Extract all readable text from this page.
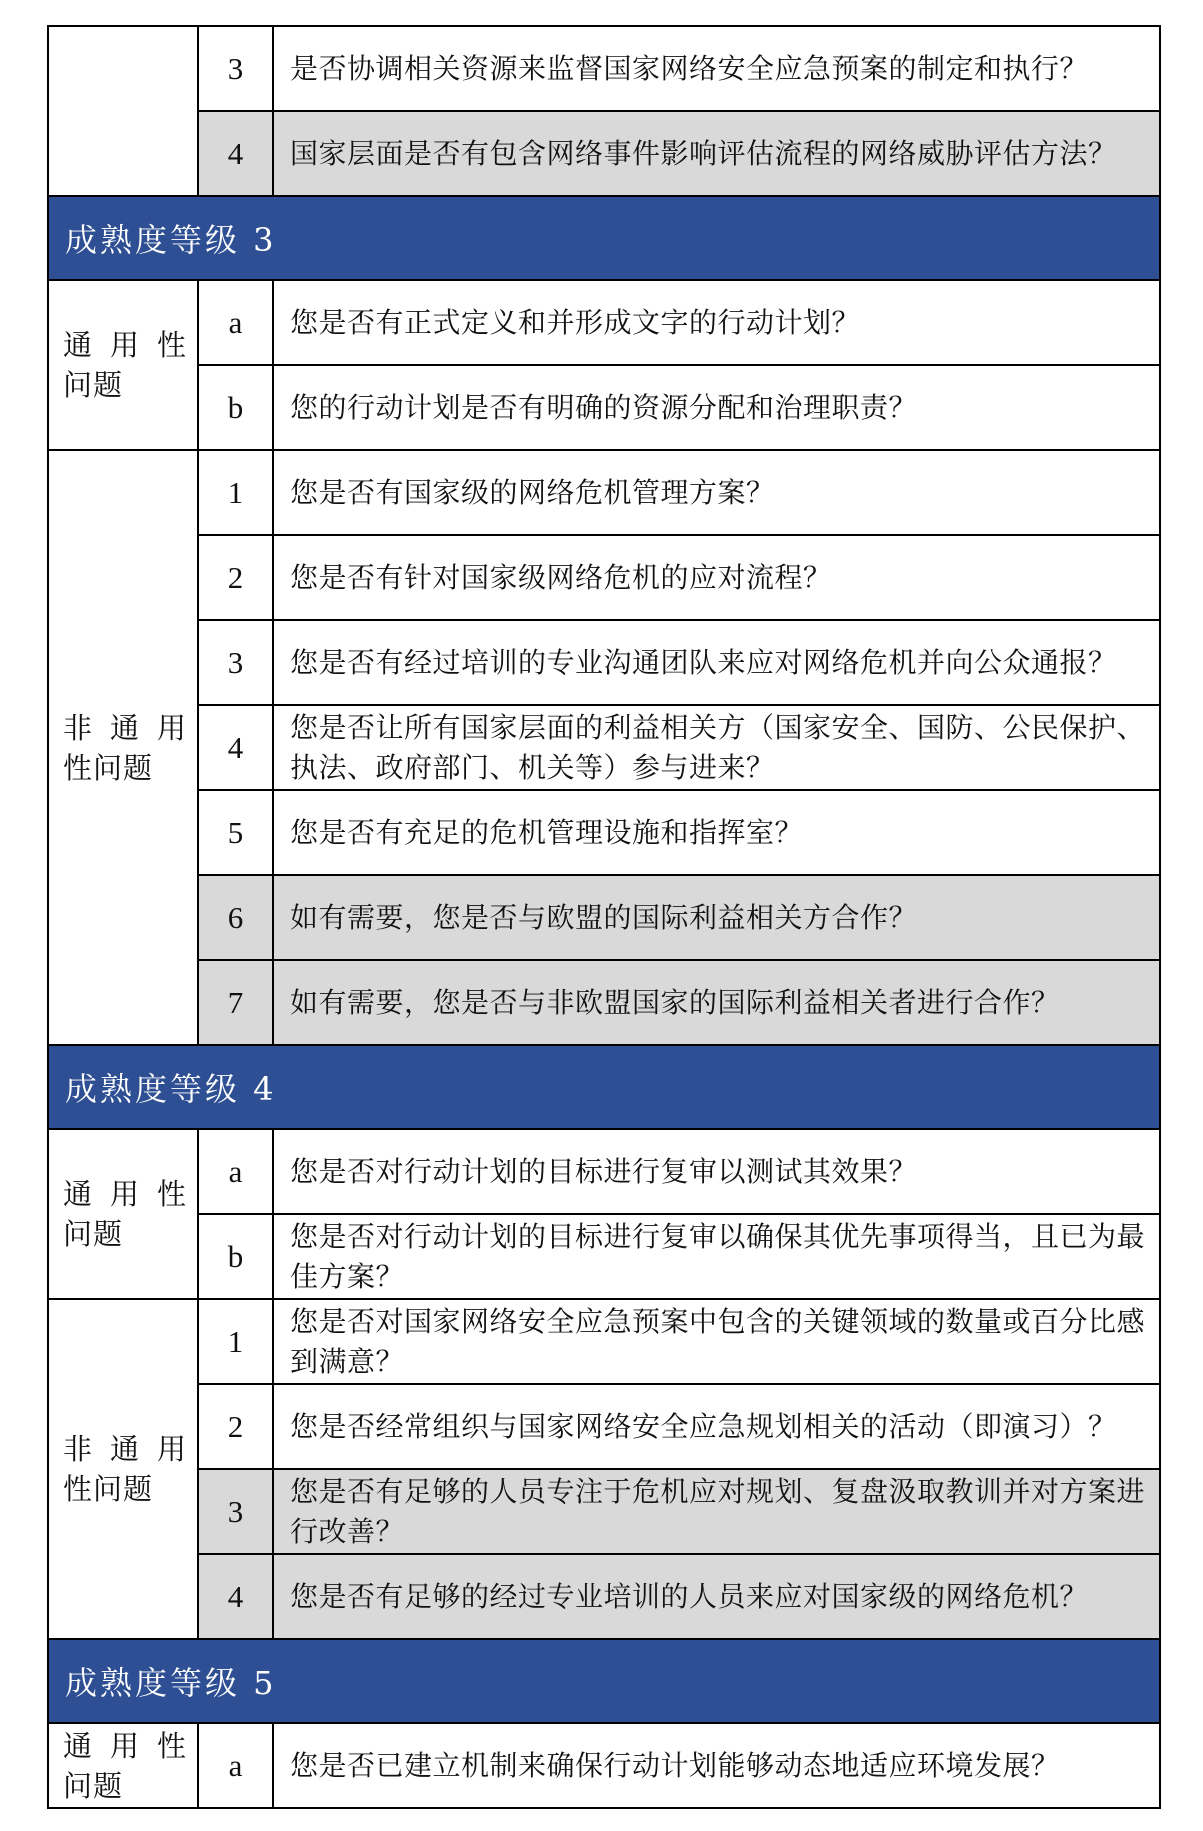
	3	是否协调相关资源来监督国家网络安全应急预案的制定和执行？
	4	国家层面是否有包含网络事件影响评估流程的网络威胁评估方法？
成熟度等级 3		
通 用 性 问题	a	您是否有正式定义和并形成文字的行动计划？
	b	您的行动计划是否有明确的资源分配和治理职责？
非 通 用 性问题	1	您是否有国家级的网络危机管理方案？
	2	您是否有针对国家级网络危机的应对流程？
	3	您是否有经过培训的专业沟通团队来应对网络危机并向公众通报？
	4	您是否让所有国家层面的利益相关方（国家安全、国防、公民保护、执法、政府部门、机关等）参与进来？
	5	您是否有充足的危机管理设施和指挥室？
	6	如有需要，您是否与欧盟的国际利益相关方合作？
	7	如有需要，您是否与非欧盟国家的国际利益相关者进行合作？
成熟度等级 4		
通 用 性 问题	a	您是否对行动计划的目标进行复审以测试其效果？
	b	您是否对行动计划的目标进行复审以确保其优先事项得当，且已为最佳方案？
非 通 用 性问题	1	您是否对国家网络安全应急预案中包含的关键领域的数量或百分比感到满意？
	2	您是否经常组织与国家网络安全应急规划相关的活动（即演习）？
	3	您是否有足够的人员专注于危机应对规划、复盘汲取教训并对方案进行改善？
	4	您是否有足够的经过专业培训的人员来应对国家级的网络危机？
成熟度等级 5		
通 用 性 问题	a	您是否已建立机制来确保行动计划能够动态地适应环境发展？
